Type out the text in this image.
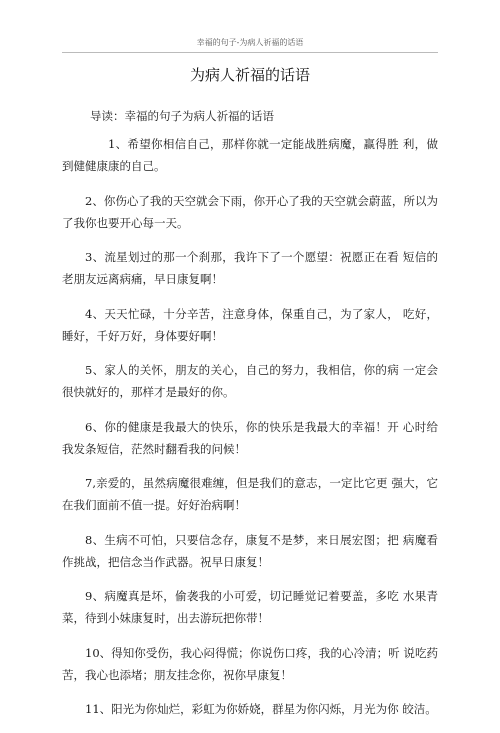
幸福的句子-为病人祈福的话语
为病人祈福的话语
导读：幸福的句子为病人祈福的话语

1、希望你相信自己，那样你就一定能战胜病魔，赢得胜 利，做到健健康康的自己。

2、你伤心了我的天空就会下雨，你开心了我的天空就会蔚蓝，所以为了我你也要开心每一天。

3、流星划过的那一个刹那，我许下了一个愿望：祝愿正在看 短信的老朋友远离病痛，早日康复啊！

4、天天忙碌，十分辛苦，注意身体，保重自己，为了家人， 吃好，睡好，千好万好，身体要好啊！

5、家人的关怀，朋友的关心，自己的努力，我相信，你的病 一定会很快就好的，那样才是最好的你。

6、你的健康是我最大的快乐，你的快乐是我最大的幸福！开 心时给我发条短信，茫然时翻看我的问候！

7,亲爱的，虽然病魔很难缠，但是我们的意志，一定比它更 强大，它在我们面前不值一提。好好治病啊！

8、生病不可怕，只要信念存，康复不是梦，来日展宏图；把 病魔看作挑战，把信念当作武器。祝早日康复！

9、病魔真是坏，偷袭我的小可爱，切记睡觉记着要盖，多吃 水果青菜，待到小妹康复时，出去游玩把你带！

10、得知你受伤，我心闷得慌；你说伤口疼，我的心冷清；听 说吃药苦，我心也添堵；朋友挂念你，祝你早康复！

11、阳光为你灿烂，彩虹为你娇娆，群星为你闪烁，月光为你 皎洁。
